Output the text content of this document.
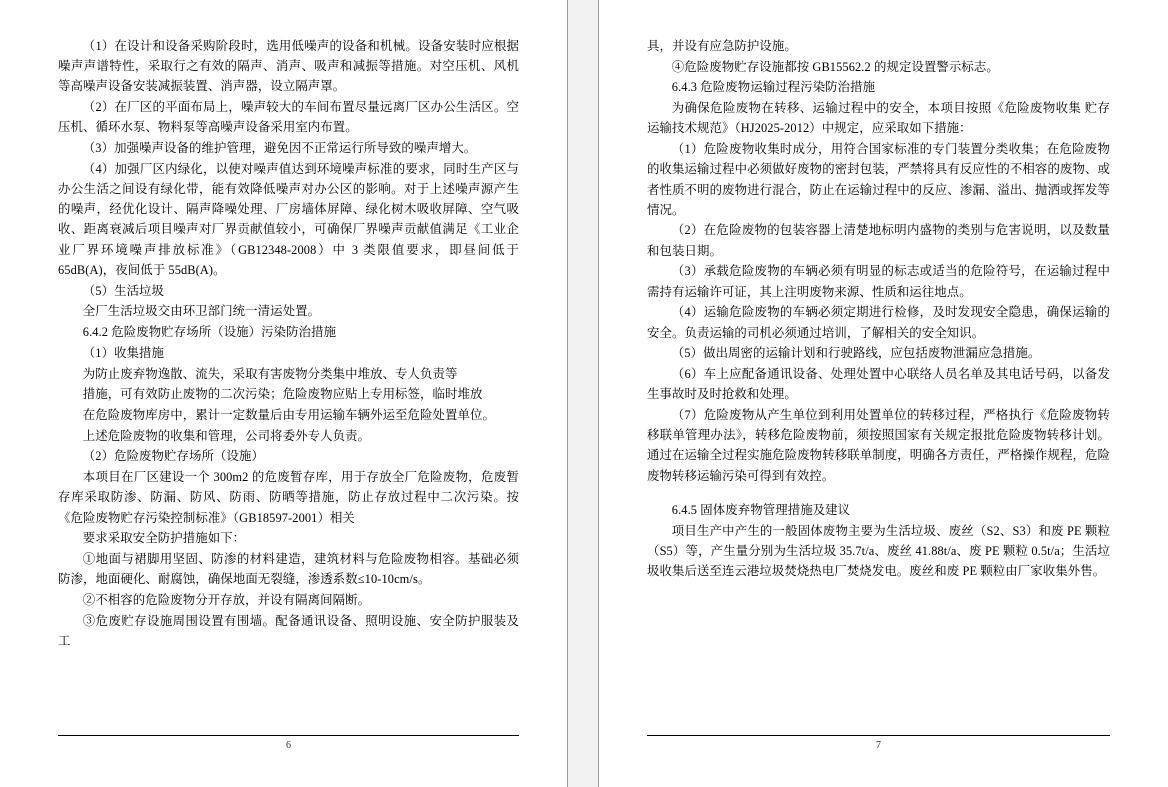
（1）在设计和设备采购阶段时，选用低噪声的设备和机械。设备安装时应根据噪声声谱特性，采取行之有效的隔声、消声、吸声和减振等措施。对空压机、风机等高噪声设备安装减振装置、消声器，设立隔声罩。

（2）在厂区的平面布局上，噪声较大的车间布置尽量远离厂区办公生活区。空压机、循环水泵、物料泵等高噪声设备采用室内布置。

（3）加强噪声设备的维护管理，避免因不正常运行所导致的噪声增大。

（4）加强厂区内绿化，以使对噪声值达到环境噪声标准的要求，同时生产区与办公生活之间设有绿化带，能有效降低噪声对办公区的影响。对于上述噪声源产生的噪声，经优化设计、隔声降噪处理、厂房墙体屏障、绿化树木吸收屏障、空气吸收、距离衰减后项目噪声对厂界贡献值较小，可确保厂界噪声贡献值满足《工业企业厂界环境噪声排放标准》（GB12348-2008）中 3 类限值要求，即昼间低于 65dB(A)，夜间低于 55dB(A)。

（5）生活垃圾

全厂生活垃圾交由环卫部门统一清运处置。

6.4.2 危险废物贮存场所（设施）污染防治措施

（1）收集措施

为防止废弃物逸散、流失，采取有害废物分类集中堆放、专人负责等

措施，可有效防止废物的二次污染；危险废物应贴上专用标签，临时堆放

在危险废物库房中，累计一定数量后由专用运输车辆外运至危险处置单位。

上述危险废物的收集和管理，公司将委外专人负责。

（2）危险废物贮存场所（设施）

本项目在厂区建设一个 300m2 的危废暂存库，用于存放全厂危险废物，危废暂存库采取防渗、防漏、防风、防雨、防晒等措施，防止存放过程中二次污染。按《危险废物贮存污染控制标准》（GB18597-2001）相关

要求采取安全防护措施如下：

①地面与裙脚用坚固、防渗的材料建造，建筑材料与危险废物相容。基础必须防渗，地面硬化、耐腐蚀，确保地面无裂缝，渗透系数≤10-10cm/s。

②不相容的危险废物分开存放，并设有隔离间隔断。

③危废贮存设施周围设置有围墙。配备通讯设备、照明设施、安全防护服装及工

6

具，并设有应急防护设施。

④危险废物贮存设施都按 GB15562.2 的规定设置警示标志。

6.4.3 危险废物运输过程污染防治措施

为确保危险废物在转移、运输过程中的安全，本项目按照《危险废物收集 贮存 运输技术规范》（HJ2025-2012）中规定，应采取如下措施：

（1）危险废物收集时成分，用符合国家标准的专门装置分类收集；在危险废物的收集运输过程中必须做好废物的密封包装，严禁将具有反应性的不相容的废物、或者性质不明的废物进行混合，防止在运输过程中的反应、渗漏、溢出、抛洒或挥发等情况。

（2）在危险废物的包装容器上清楚地标明内盛物的类别与危害说明，以及数量和包装日期。

（3）承载危险废物的车辆必须有明显的标志或适当的危险符号，在运输过程中需持有运输许可证，其上注明废物来源、性质和运往地点。

（4）运输危险废物的车辆必须定期进行检修，及时发现安全隐患，确保运输的安全。负责运输的司机必须通过培训，了解相关的安全知识。

（5）做出周密的运输计划和行驶路线，应包括废物泄漏应急措施。

（6）车上应配备通讯设备、处理处置中心联络人员名单及其电话号码，以备发生事故时及时抢救和处理。

（7）危险废物从产生单位到利用处置单位的转移过程，严格执行《危险废物转移联单管理办法》，转移危险废物前，须按照国家有关规定报批危险废物转移计划。通过在运输全过程实施危险废物转移联单制度，明确各方责任，严格操作规程，危险废物转移运输污染可得到有效控。

6.4.5 固体废弃物管理措施及建议

项目生产中产生的一般固体废物主要为生活垃圾、废丝（S2、S3）和废 PE 颗粒（S5）等，产生量分别为生活垃圾 35.7t/a、废丝 41.88t/a、废 PE 颗粒 0.5t/a；生活垃圾收集后送至连云港垃圾焚烧热电厂焚烧发电。废丝和废 PE 颗粒由厂家收集外售。

7
